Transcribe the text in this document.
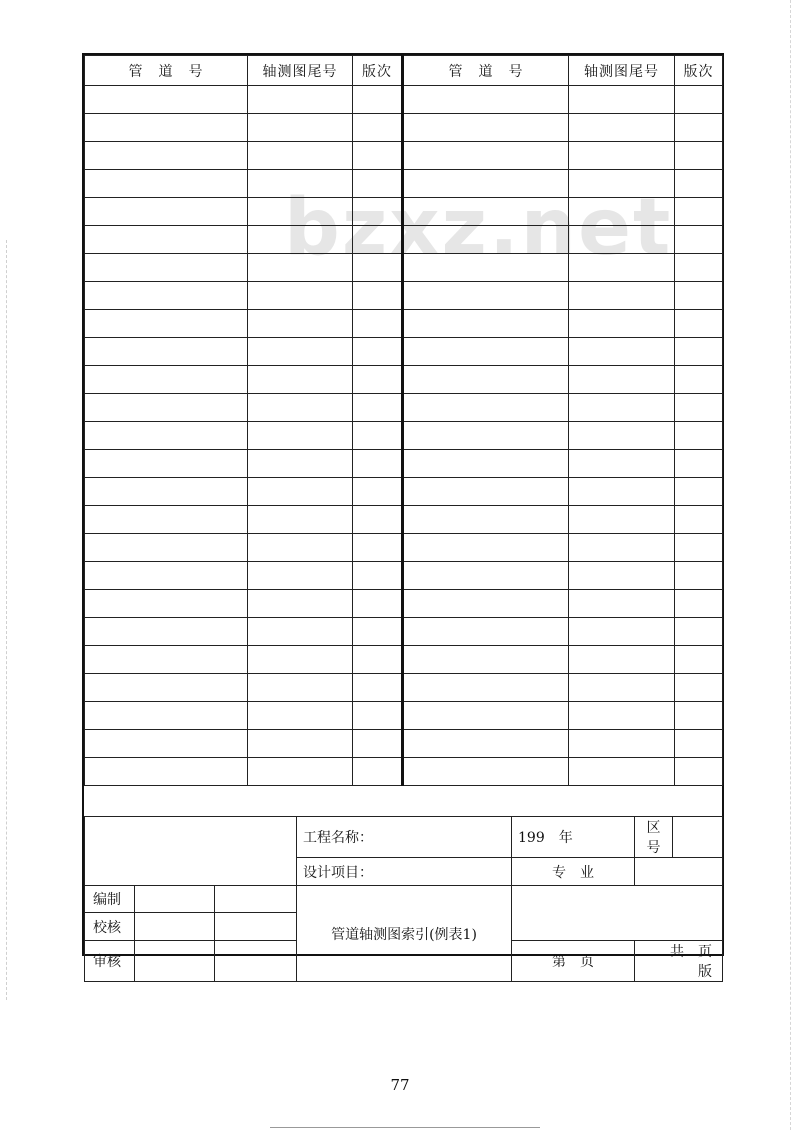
bzxz.net
管　道　号	轴测图尾号	版次	管　道　号	轴测图尾号	版次

			工程名称：	199　年	区号	
			设计项目：	专　业		
编制			管道轴测图索引(例表1)			
校核						
审核				第　页	共　页　　版	
77
